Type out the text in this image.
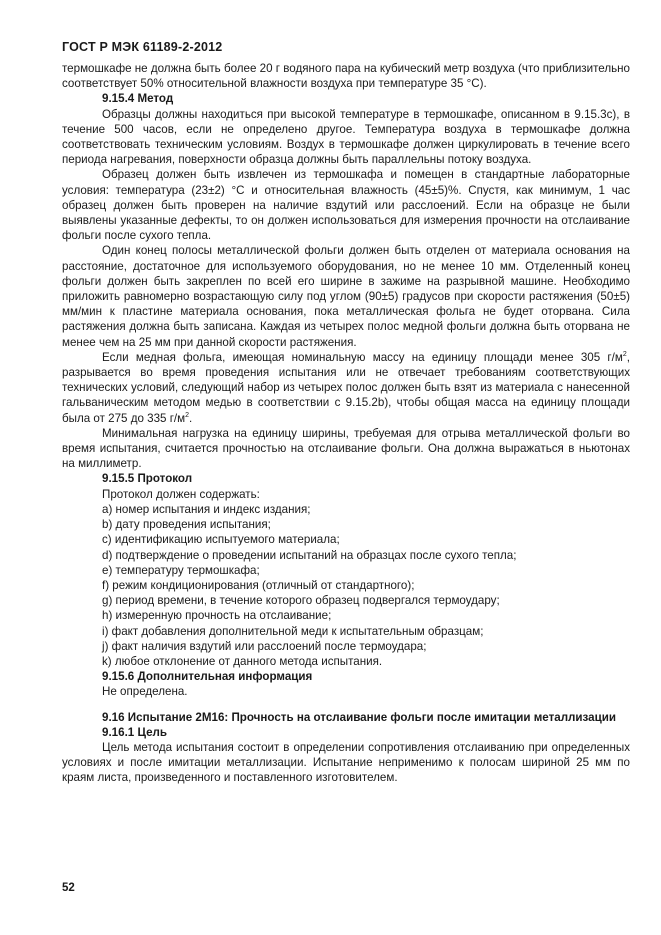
ГОСТ Р МЭК 61189-2-2012

термошкафе не должна быть более 20 г водяного пара на кубический метр воздуха (что приблизительно соответствует 50% относительной влажности воздуха при температуре 35 °С).

9.15.4 Метод

Образцы должны находиться при высокой температуре в термошкафе, описанном в 9.15.3с), в течение 500 часов, если не определено другое. Температура воздуха в термошкафе должна соответствовать техническим условиям. Воздух в термошкафе должен циркулировать в течение всего периода нагревания, поверхности образца должны быть параллельны потоку воздуха.

Образец должен быть извлечен из термошкафа и помещен в стандартные лабораторные условия: температура (23±2) °С и относительная влажность (45±5)%. Спустя, как минимум, 1 час образец должен быть проверен на наличие вздутий или расслоений. Если на образце не были выявлены указанные дефекты, то он должен использоваться для измерения прочности на отслаивание фольги после сухого тепла.

Один конец полосы металлической фольги должен быть отделен от материала основания на расстояние, достаточное для используемого оборудования, но не менее 10 мм. Отделенный конец фольги должен быть закреплен по всей его ширине в зажиме на разрывной машине. Необходимо приложить равномерно возрастающую силу под углом (90±5) градусов при скорости растяжения (50±5) мм/мин к пластине материала основания, пока металлическая фольга не будет оторвана. Сила растяжения должна быть записана. Каждая из четырех полос медной фольги должна быть оторвана не менее чем на 25 мм при данной скорости растяжения.

Если медная фольга, имеющая номинальную массу на единицу площади менее 305 $г/м^2$, разрывается во время проведения испытания или не отвечает требованиям соответствующих технических условий, следующий набор из четырех полос должен быть взят из материала с нанесенной гальваническим методом медью в соответствии с 9.15.2b), чтобы общая масса на единицу площади была от 275 до 335 $г/м^2$.

Минимальная нагрузка на единицу ширины, требуемая для отрыва металлической фольги во время испытания, считается прочностью на отслаивание фольги. Она должна выражаться в ньютонах на миллиметр.

9.15.5 Протокол
Протокол должен содержать:
а) номер испытания и индекс издания;
b) дату проведения испытания;
с) идентификацию испытуемого материала;
d) подтверждение о проведении испытаний на образцах после сухого тепла;
е) температуру термошкафа;
f) режим кондиционирования (отличный от стандартного);
g) период времени, в течение которого образец подвергался термоудару;
h) измеренную прочность на отслаивание;
i) факт добавления дополнительной меди к испытательным образцам;
j) факт наличия вздутий или расслоений после термоудара;
k) любое отклонение от данного метода испытания.
9.15.6 Дополнительная информация
Не определена.

9.16 Испытание 2М16: Прочность на отслаивание фольги после имитации металлизации

9.16.1 Цель

Цель метода испытания состоит в определении сопротивления отслаиванию при определенных условиях и после имитации металлизации. Испытание неприменимо к полосам шириной 25 мм по краям листа, произведенного и поставленного изготовителем.

52
